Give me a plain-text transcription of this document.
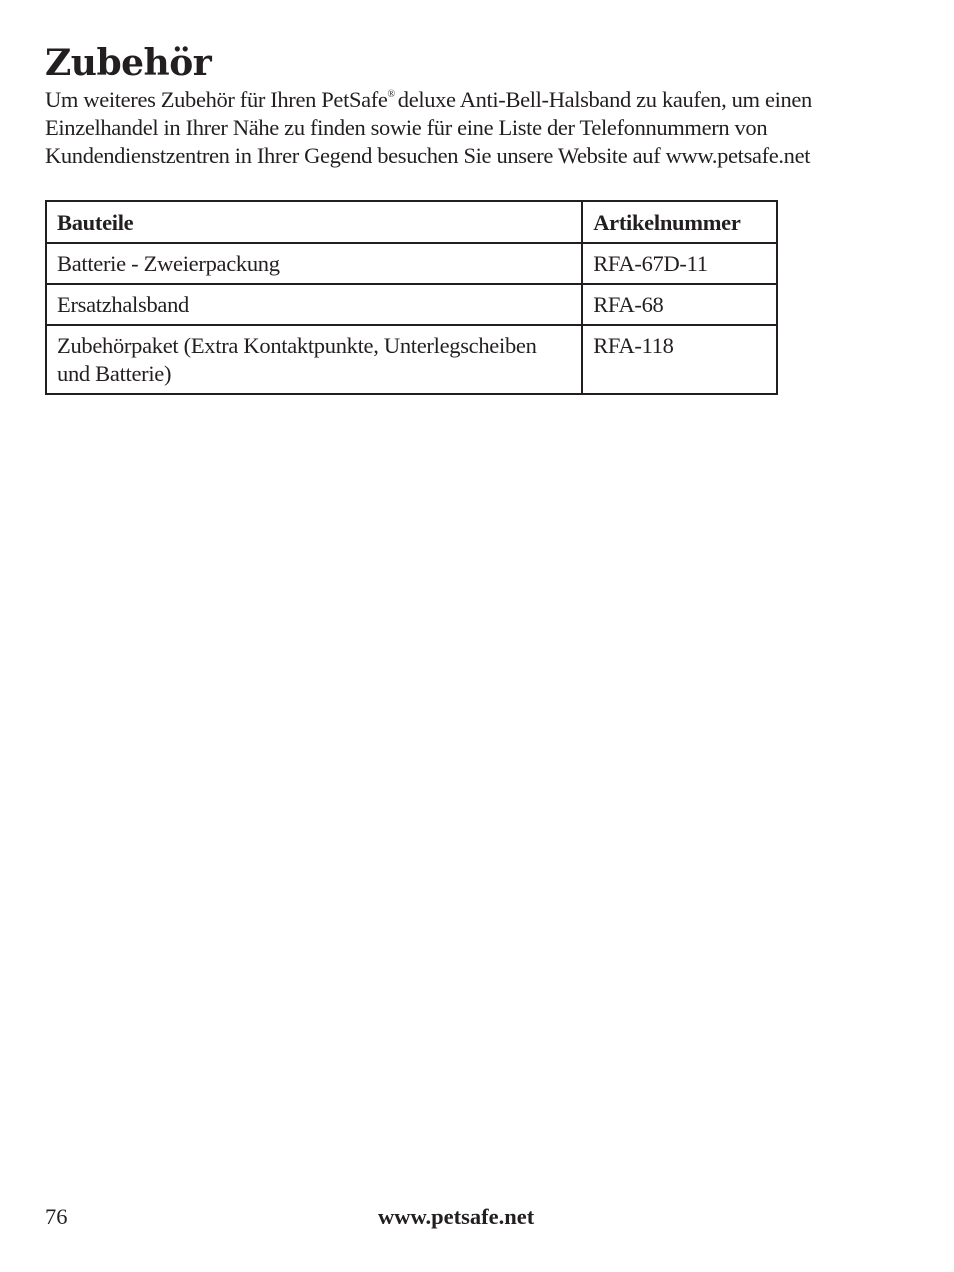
Zubehör

Um weiteres Zubehör für Ihren PetSafe® deluxe Anti-Bell-Halsband zu kaufen, um einen Einzelhandel in Ihrer Nähe zu finden sowie für eine Liste der Telefonnummern von Kundendienstzentren in Ihrer Gegend besuchen Sie unsere Website auf www.petsafe.net

Bauteile	Artikelnummer
Batterie - Zweierpackung	RFA-67D-11
Ersatzhalsband	RFA-68
Zubehörpaket (Extra Kontaktpunkte, Unterlegscheiben und Batterie)	RFA-118
76	www.petsafe.net
